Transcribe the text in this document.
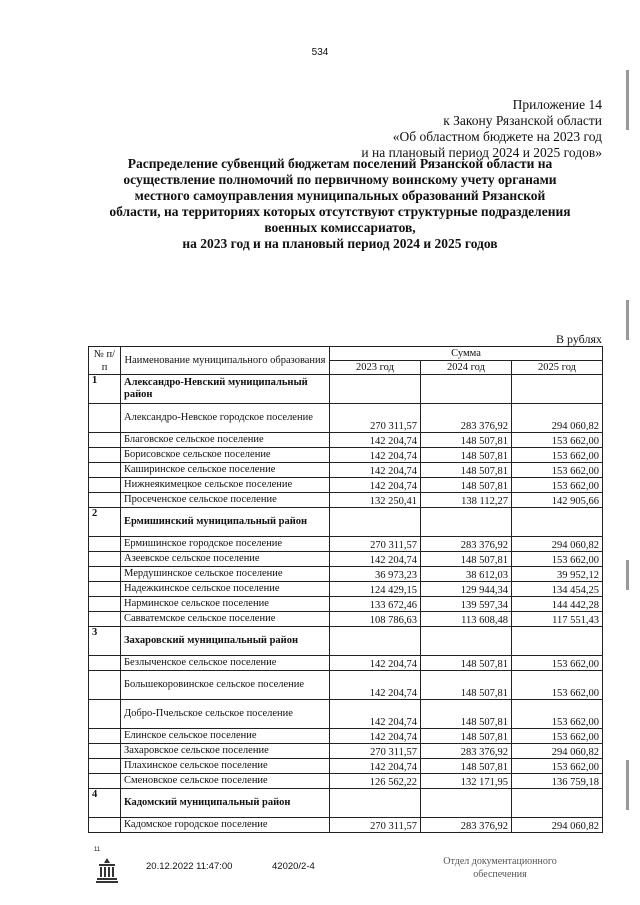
534
Приложение 14
к Закону Рязанской области
«Об областном бюджете на 2023 год
и на плановый период 2024 и 2025 годов»
Распределение субвенций бюджетам поселений Рязанской области на
осуществление полномочий по первичному воинскому учету органами
местного самоуправления муниципальных образований Рязанской
области, на территориях которых отсутствуют структурные подразделения
военных комиссариатов,
на 2023 год и на плановый период 2024 и 2025 годов
В рублях
№ п/п	Наименование муниципального образования	Сумма		
		2023 год	2024 год	2025 год
1	Александро-Невский муниципальный район			
	Александро-Невское городское поселение	270 311,57	283 376,92	294 060,82
	Благовское сельское поселение	142 204,74	148 507,81	153 662,00
	Борисовское сельское поселение	142 204,74	148 507,81	153 662,00
	Каширинское сельское поселение	142 204,74	148 507,81	153 662,00
	Нижнеякимецкое сельское поселение	142 204,74	148 507,81	153 662,00
	Просеченское сельское поселение	132 250,41	138 112,27	142 905,66
2	Ермишинский муниципальный район			
	Ермишинское городское поселение	270 311,57	283 376,92	294 060,82
	Азеевское сельское поселение	142 204,74	148 507,81	153 662,00
	Мердушинское сельское поселение	36 973,23	38 612,03	39 952,12
	Надежкинское сельское поселение	124 429,15	129 944,34	134 454,25
	Нарминское сельское поселение	133 672,46	139 597,34	144 442,28
	Савватемское сельское поселение	108 786,63	113 608,48	117 551,43
3	Захаровский муниципальный район			
	Безлыченское сельское поселение	142 204,74	148 507,81	153 662,00
	Большекоровинское сельское поселение	142 204,74	148 507,81	153 662,00
	Добро-Пчельское сельское поселение	142 204,74	148 507,81	153 662,00
	Елинское сельское поселение	142 204,74	148 507,81	153 662,00
	Захаровское сельское поселение	270 311,57	283 376,92	294 060,82
	Плахинское сельское поселение	142 204,74	148 507,81	153 662,00
	Сменовское сельское поселение	126 562,22	132 171,95	136 759,18
4	Кадомский муниципальный район			
	Кадомское городское поселение	270 311,57	283 376,92	294 060,82
11
20.12.2022 11:47:00	42020/2-4	Отдел документационного
обеспечения
